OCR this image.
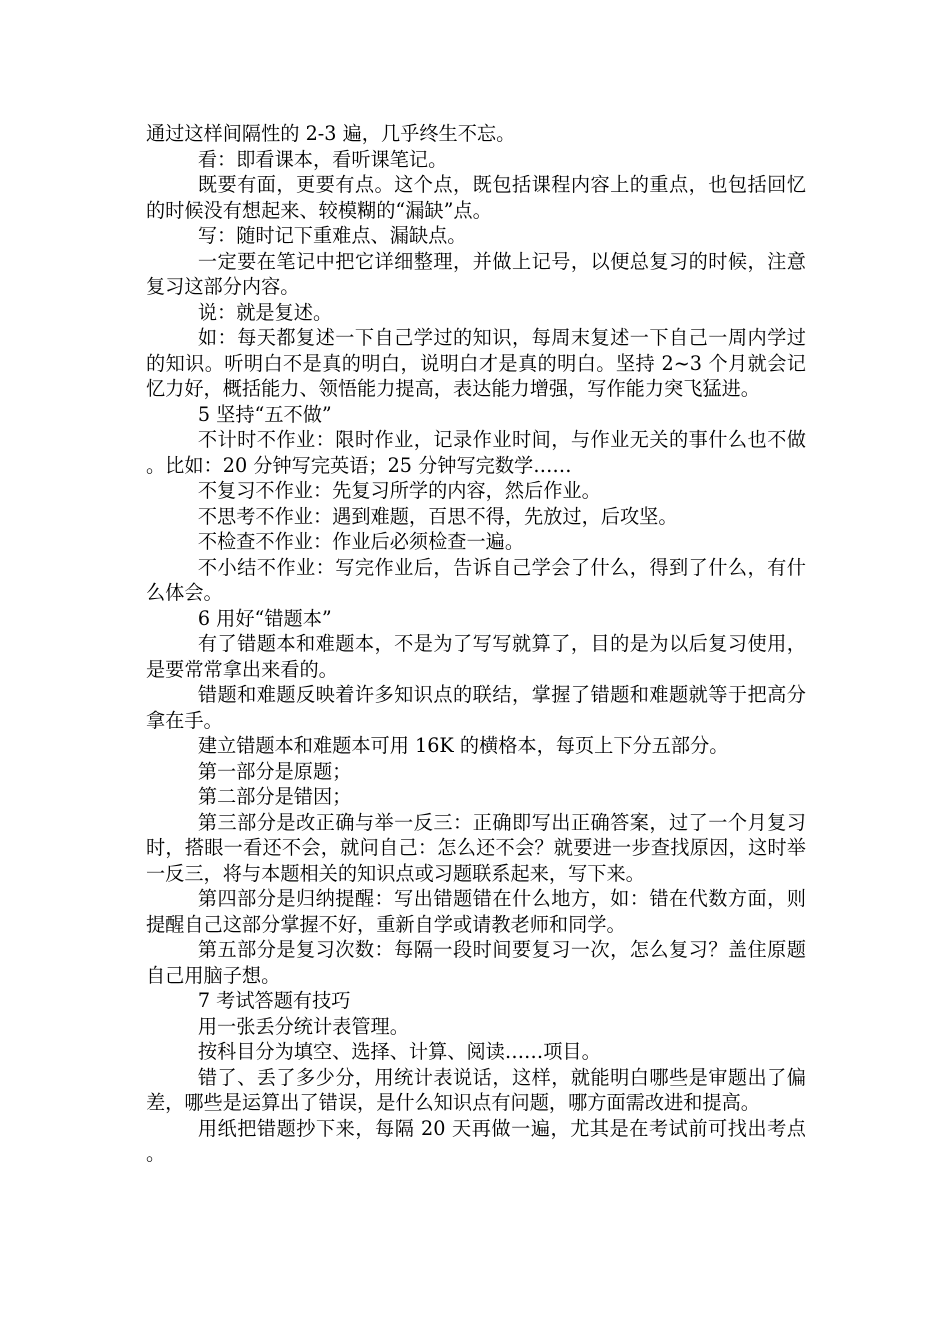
通过这样间隔性的 2-3 遍，几乎终生不忘。

看：即看课本，看听课笔记。

既要有面，更要有点。这个点，既包括课程内容上的重点，也包括回忆的时候没有想起来、较模糊的“漏缺”点。

写：随时记下重难点、漏缺点。

一定要在笔记中把它详细整理，并做上记号，以便总复习的时候，注意复习这部分内容。

说：就是复述。

如：每天都复述一下自己学过的知识，每周末复述一下自己一周内学过的知识。听明白不是真的明白，说明白才是真的明白。坚持 2~3 个月就会记忆力好，概括能力、领悟能力提高，表达能力增强，写作能力突飞猛进。

5 坚持“五不做”

不计时不作业：限时作业，记录作业时间，与作业无关的事什么也不做。比如：20 分钟写完英语；25 分钟写完数学……

不复习不作业：先复习所学的内容，然后作业。

不思考不作业：遇到难题，百思不得，先放过，后攻坚。

不检查不作业：作业后必须检查一遍。

不小结不作业：写完作业后，告诉自己学会了什么，得到了什么，有什么体会。

6 用好“错题本”

有了错题本和难题本，不是为了写写就算了，目的是为以后复习使用，是要常常拿出来看的。

错题和难题反映着许多知识点的联结，掌握了错题和难题就等于把高分拿在手。

建立错题本和难题本可用 16K 的横格本，每页上下分五部分。

第一部分是原题；

第二部分是错因；

第三部分是改正确与举一反三：正确即写出正确答案，过了一个月复习时，搭眼一看还不会，就问自己：怎么还不会？就要进一步查找原因，这时举一反三，将与本题相关的知识点或习题联系起来，写下来。

第四部分是归纳提醒：写出错题错在什么地方，如：错在代数方面，则提醒自己这部分掌握不好，重新自学或请教老师和同学。

第五部分是复习次数：每隔一段时间要复习一次，怎么复习？盖住原题自己用脑子想。

7 考试答题有技巧

用一张丢分统计表管理。

按科目分为填空、选择、计算、阅读……项目。

错了、丢了多少分，用统计表说话，这样，就能明白哪些是审题出了偏差，哪些是运算出了错误，是什么知识点有问题，哪方面需改进和提高。

用纸把错题抄下来，每隔 20 天再做一遍，尤其是在考试前可找出考点。
